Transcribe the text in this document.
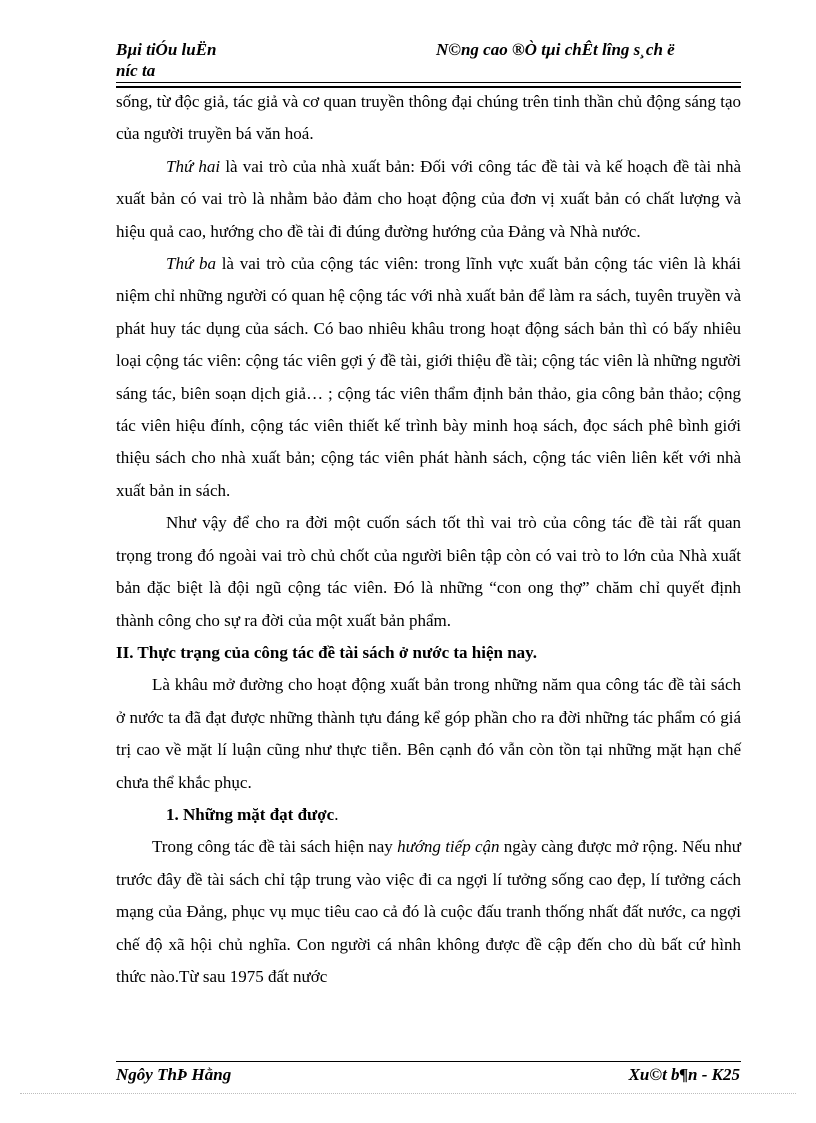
Bµi tiÓu luËn
níc ta
N©ng cao ®Ò tµi chÊt lîng s¸ch ë

sống, từ độc giả, tác giả và cơ quan truyền thông đại chúng trên tinh thần chủ động sáng tạo của người truyền bá văn hoá.

Thứ hai là vai trò của nhà xuất bản: Đối với công tác đề tài và kế hoạch đề tài nhà xuất bản có vai trò là nhằm bảo đảm cho hoạt động của đơn vị xuất bản có chất lượng và hiệu quả cao, hướng cho đề tài đi đúng đường hướng của Đảng và Nhà nước.

Thứ ba là vai trò của cộng tác viên: trong lĩnh vực xuất bản cộng tác viên là khái niệm chỉ những người có quan hệ cộng tác với nhà xuất bản để làm ra sách, tuyên truyền và phát huy tác dụng của sách. Có bao nhiêu khâu trong hoạt động sách bản thì có bấy nhiêu loại cộng tác viên: cộng tác viên gợi ý đề tài, giới thiệu đề tài; cộng tác viên là những người sáng tác, biên soạn dịch giả… ; cộng tác viên thẩm định bản thảo, gia công bản thảo; cộng tác viên hiệu đính, cộng tác viên thiết kế trình bày minh hoạ sách, đọc sách phê bình giới thiệu sách cho nhà xuất bản; cộng tác viên phát hành sách, cộng tác viên liên kết với nhà xuất bản in sách.

Như vậy để cho ra đời một cuốn sách tốt thì vai trò của công tác đề tài rất quan trọng trong đó ngoài vai trò chủ chốt của người biên tập còn có vai trò to lớn của Nhà xuất bản đặc biệt là đội ngũ cộng tác viên. Đó là những “con ong thợ” chăm chỉ quyết định thành công cho sự ra đời của một xuất bản phẩm.

II. Thực trạng của công tác đề tài sách ở nước ta hiện nay.

Là khâu mở đường cho hoạt động xuất bản trong những năm qua công tác đề tài sách ở nước ta đã đạt được những thành tựu đáng kể góp phần cho ra đời những tác phẩm có giá trị cao về mặt lí luận cũng như thực tiễn. Bên cạnh đó vẫn còn tồn tại những mặt hạn chế chưa thể khắc phục.

1. Những mặt đạt được.

Trong công tác đề tài sách hiện nay hướng tiếp cận ngày càng được mở rộng. Nếu như trước đây đề tài sách chỉ tập trung vào việc đi ca ngợi lí tưởng sống cao đẹp, lí tưởng cách mạng của Đảng, phục vụ mục tiêu cao cả đó là cuộc đấu tranh thống nhất đất nước, ca ngợi chế độ xã hội chủ nghĩa. Con người cá nhân không được đề cập đến cho dù bất cứ hình thức nào.Từ sau 1975 đất nước

Ngôy ThÞ Hằng	Xu©t b¶n - K25
